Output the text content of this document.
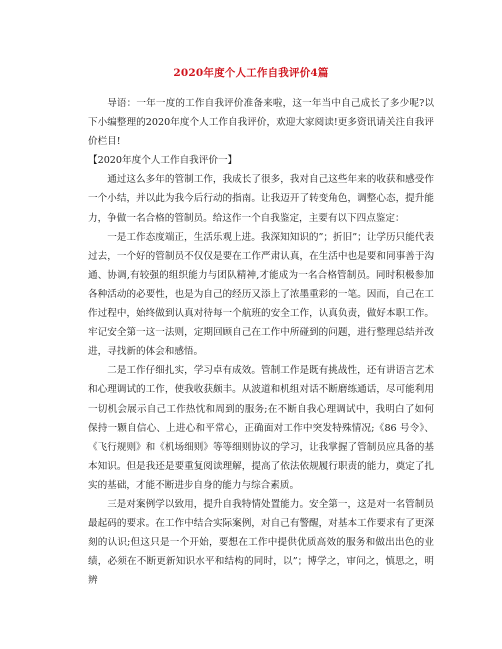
2020年度个人工作自我评价4篇

导语：一年一度的工作自我评价准备来啦，这一年当中自己成长了多少呢?以下小编整理的2020年度个人工作自我评价，欢迎大家阅读!更多资讯请关注自我评价栏目!

【2020年度个人工作自我评价一】

通过这么多年的管制工作，我成长了很多，我对自己这些年来的收获和感受作一个小结，并以此为我今后行动的指南。让我迈开了转变角色，调整心态，提升能力，争做一名合格的管制员。给这作一个自我鉴定，主要有以下四点鉴定：

一是工作态度端正，生活乐观上进。我深知知识的”；折旧”；让学历只能代表过去，一个好的管制员不仅仅是要在工作严肃认真，在生活中也是要和同事善于沟通、协调,有较强的组织能力与团队精神,才能成为一名合格管制员。同时积极参加各种活动的必要性，也是为自己的经历又添上了浓墨重彩的一笔。因而，自己在工作过程中，始终做到认真对待每一个航班的安全工作，认真负责，做好本职工作。牢记安全第一这一法则，定期回顾自己在工作中所碰到的问题，进行整理总结并改进，寻找新的体会和感悟。

二是工作仔细扎实，学习卓有成效。管制工作是既有挑战性，还有讲语言艺术和心理调试的工作，使我收获颇丰。从波道和机组对话不断磨练通话，尽可能利用一切机会展示自己工作热忱和周到的服务;在不断自我心理调试中，我明白了如何保持一颗自信心、上进心和平常心，正确面对工作中突发特殊情况;《86 号令》、《飞行规则》和《机场细则》等等细则协议的学习，让我掌握了管制员应具备的基本知识。但是我还是要重复阅读理解，提高了依法依规履行职责的能力，奠定了扎实的基础，才能不断进步自身的能力与综合素质。

三是对案例学以致用，提升自我特情处置能力。安全第一，这是对一名管制员最起码的要求。在工作中结合实际案例，对自己有警醒，对基本工作要求有了更深刻的认识;但这只是一个开始，要想在工作中提供优质高效的服务和做出出色的业绩，必须在不断更新知识水平和结构的同时，以”；博学之，审问之，慎思之，明辨
